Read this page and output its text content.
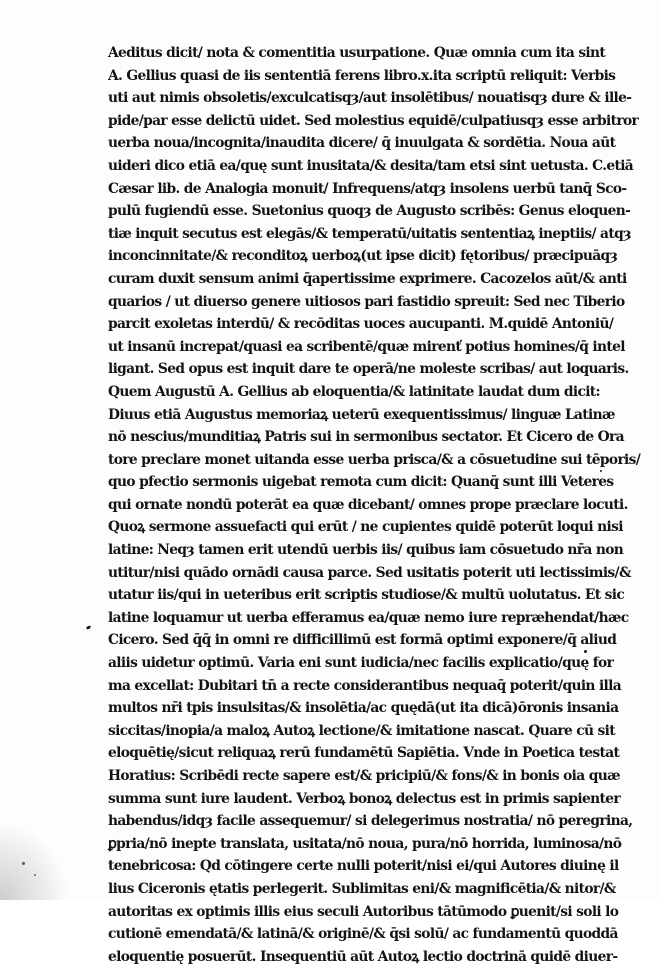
Aeditus dicit/ nota & comentitia usurpatione. Quæ omnia cum ita sint
A. Gellius quasi de iis sententiā ferens libro.x.ita scriptū reliquit: Verbis
uti aut nimis obsoletis/exculcatisqȝ/aut insolētibus/ nouatisqȝ dure & ille-
pide/par esse delictū uidet. Sed molestius equidē/culpatiusqȝ esse arbitror
uerba noua/incognita/inaudita dicere/ q̄ inuulgata & sordētia. Noua aūt
uideri dico etiā ea/quę sunt inusitata/& desita/tam etsi sint uetusta. C.etiā
Cæsar lib. de Analogia monuit/ Infrequens/atqȝ insolens uerbū tanq̄ Sco-
pulū fugiendū esse. Suetonius quoqȝ de Augusto scribēs: Genus eloquen-
tiæ inquit secutus est elegās/& temperatū/uitatis sententiaꝝ ineptiis/ atqȝ
inconcinnitate/& reconditoꝝ uerboꝝ(ut ipse dicit) fętoribus/ præcipuāqȝ
curam duxit sensum animi q̄apertissime exprimere. Cacozelos aūt/& anti
quarios / ut diuerso genere uitiosos pari fastidio spreuit: Sed nec Tiberio
parcit exoletas interdū/ & recōditas uoces aucupanti. M.quidē Antoniū/
ut insanū increpat/quasi ea scribentē/quæ mirenť potius homines/q̄ intel
ligant. Sed opus est inquit dare te operā/ne moleste scribas/ aut loquaris.
Quem Augustū A. Gellius ab eloquentia/& latinitate laudat dum dicit:
Diuus etiā Augustus memoriaꝝ ueterū exequentissimus/ linguæ Latinæ
nō nescius/munditiaꝝ Patris sui in sermonibus sectator. Et Cicero de Ora
tore preclare monet uitanda esse uerba prisca/& a cōsuetudine sui tēporis/
quo pfectio sermonis uigebat remota cum dicit: Quanq̄ sunt illi Veteres
qui ornate nondū poterāt ea quæ dicebant/ omnes prope præclare locuti.
Quoꝝ sermone assuefacti qui erūt / ne cupientes quidē poterūt loqui nisi
latine: Neqȝ tamen erit utendū uerbis iis/ quibus iam cōsuetudo nr̄a non
utitur/nisi quādo ornādi causa parce. Sed usitatis poterit uti lectissimis/&
utatur iis/qui in ueteribus erit scriptis studiose/& multū uolutatus. Et sic
latine loquamur ut uerba efferamus ea/quæ nemo iure repræhendat/hæc
Cicero. Sed q̄q̄ in omni re difficillimū est formā optimi exponere/q̄ aliud
aliis uidetur optimū. Varia eni sunt iudicia/nec facilis explicatio/quę for
ma excellat: Dubitari tn̄ a recte considerantibus nequaq̄ poterit/quin illa
multos nr̄i tpis insulsitas/& insolētia/ac quędā(ut ita dicā)ōronis insania
siccitas/inopia/a maloꝝ Autoꝝ lectione/& imitatione nascat. Quare cū sit
eloquētię/sicut reliquaꝝ rerū fundamētū Sapiētia. Vnde in Poetica testat
Horatius: Scribēdi recte sapere est/& pricipiū/& fons/& in bonis oia quæ
summa sunt iure laudent. Verboꝝ bonoꝝ delectus est in primis sapienter
habendus/idqȝ facile assequemur/ si delegerimus nostratia/ nō peregrina,
ꝑpria/nō inepte translata, usitata/nō noua, pura/nō horrida, luminosa/nō
tenebricosa: Qd cōtingere certe nulli poterit/nisi ei/qui Autores diuinę il
lius Ciceronis ętatis perlegerit. Sublimitas eni/& magnificētia/& nitor/&
autoritas ex optimis illis eius seculi Autoribus tātūmodo ꝑuenit/si soli lo
cutionē emendatā/& latinā/& originē/& q̄si solū/ ac fundamentū quoddā
eloquentię posuerūt. Insequentiū aūt Autoꝝ lectio doctrinā quidē diuer-
